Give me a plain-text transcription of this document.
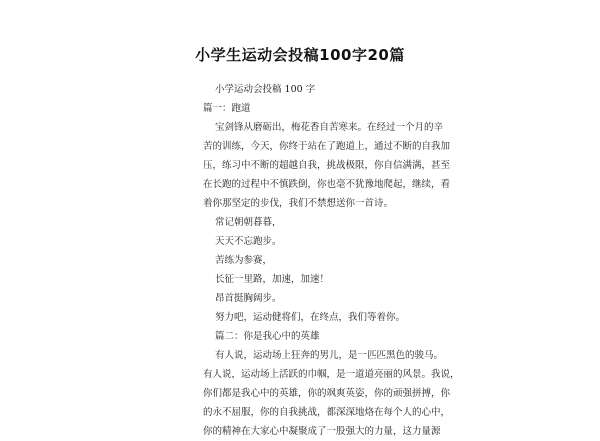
小学生运动会投稿100字20篇
小学运动会投稿 100 字
篇一：跑道
宝剑锋从磨砺出，梅花香自苦寒来。在经过一个月的辛
苦的训练，今天，你终于站在了跑道上，通过不断的自我加
压，练习中不断的超越自我，挑战极限，你自信满满，甚至
在长跑的过程中不慎跌倒，你也毫不犹豫地爬起，继续，看
着你那坚定的步伐，我们不禁想送你一首诗。
常记朝朝暮暮，
天天不忘跑步。
苦练为参赛，
长征一里路，加速，加速！
昂首挺胸阔步。
努力吧，运动健将们，在终点，我们等着你。
篇二：你是我心中的英雄
有人说，运动场上狂奔的男儿，是一匹匹黑色的骏马。
有人说，运动场上活跃的巾帼，是一道道亮丽的风景。我说，
你们都是我心中的英雄，你的飒爽英姿，你的顽强拼搏，你
的永不屈服，你的自我挑战，都深深地烙在每个人的心中，
你的精神在大家心中凝聚成了一股强大的力量，这力量源
